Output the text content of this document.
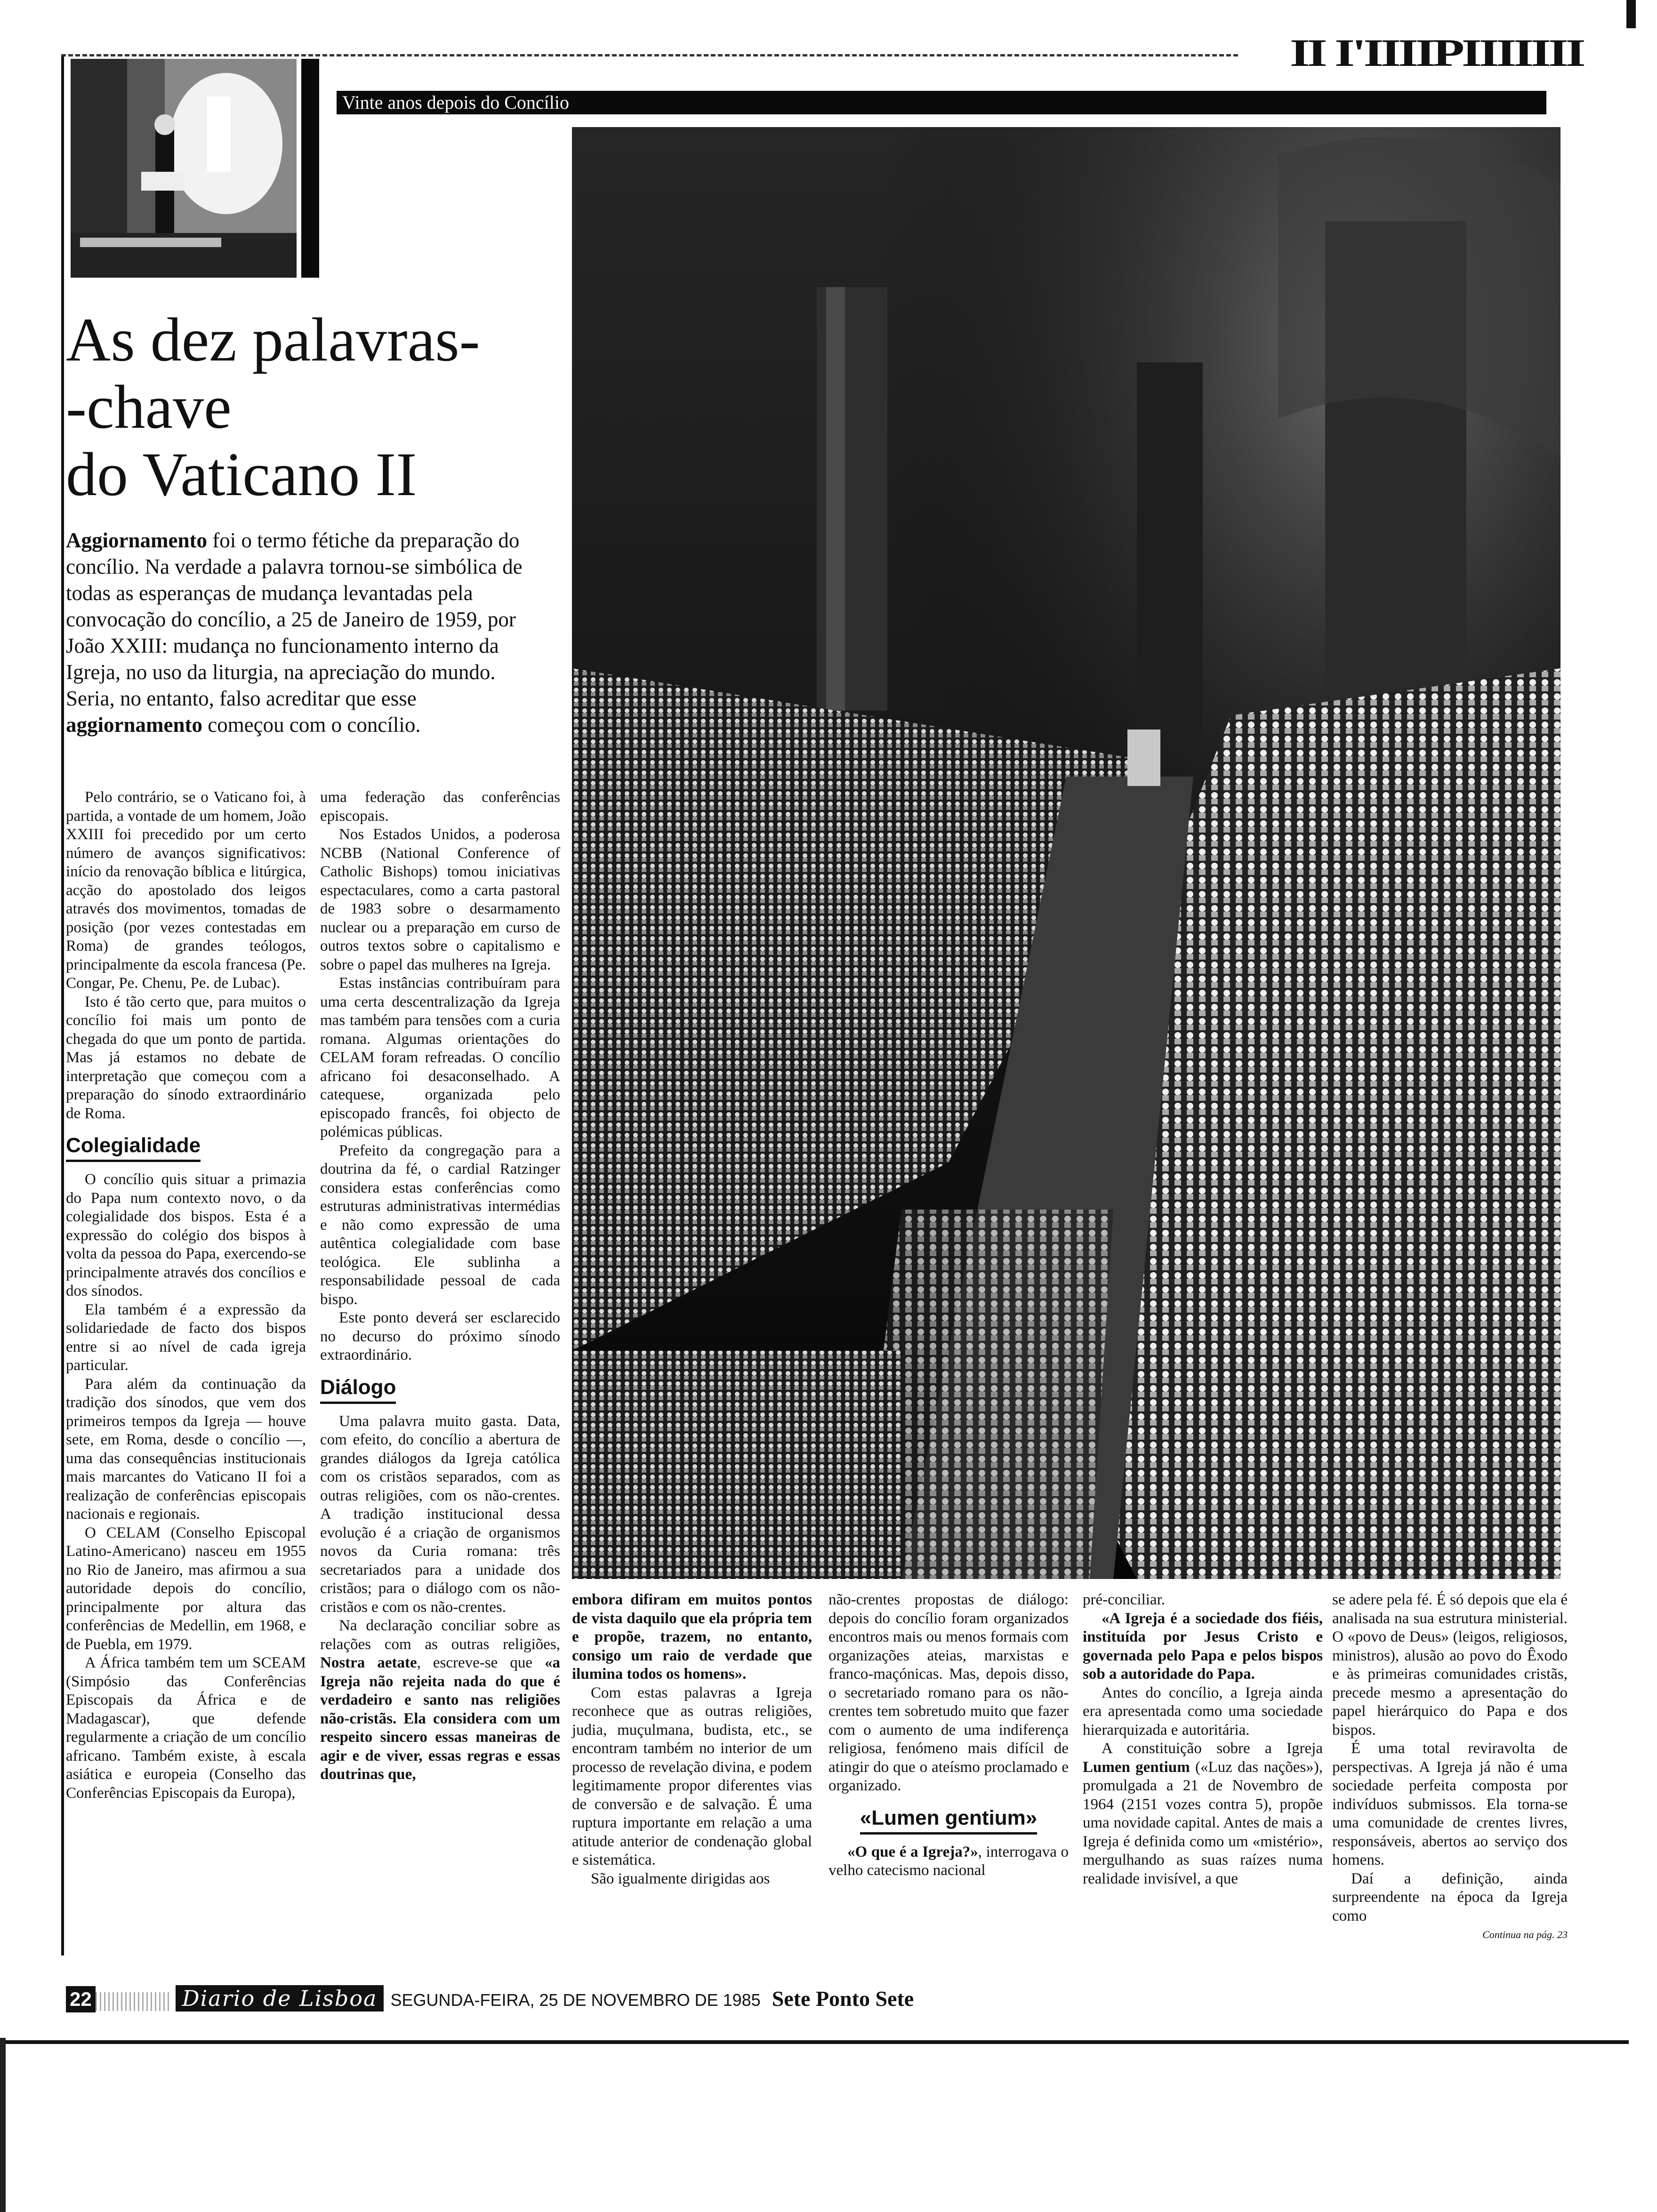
II I'IIIIPIIIIIII
Vinte anos depois do Concílio
As dez palavras-
-chave
do Vaticano II

Aggiornamento foi o termo fétiche da preparação do concílio. Na verdade a palavra tornou-se simbólica de todas as esperanças de mudança levantadas pela convocação do concílio, a 25 de Janeiro de 1959, por João XXIII: mudança no funcionamento interno da Igreja, no uso da liturgia, na apreciação do mundo.
Seria, no entanto, falso acreditar que esse aggiornamento começou com o concílio.

Pelo contrário, se o Vaticano foi, à partida, a vontade de um homem, João XXIII foi precedido por um certo número de avanços significativos: início da renovação bíblica e litúrgica, acção do apostolado dos leigos através dos movimentos, tomadas de posição (por vezes contestadas em Roma) de grandes teólogos, principalmente da escola francesa (Pe. Congar, Pe. Chenu, Pe. de Lubac).

Isto é tão certo que, para muitos o concílio foi mais um ponto de chegada do que um ponto de partida. Mas já estamos no debate de interpretação que começou com a preparação do sínodo extraordinário de Roma.

Colegialidade

O concílio quis situar a primazia do Papa num contexto novo, o da colegialidade dos bispos. Esta é a expressão do colégio dos bispos à volta da pessoa do Papa, exercendo-se principalmente através dos concílios e dos sínodos.

Ela também é a expressão da solidariedade de facto dos bispos entre si ao nível de cada igreja particular.

Para além da continuação da tradição dos sínodos, que vem dos primeiros tempos da Igreja — houve sete, em Roma, desde o concílio —, uma das consequências institucionais mais marcantes do Vaticano II foi a realização de conferências episcopais nacionais e regionais.

O CELAM (Conselho Episcopal Latino-Americano) nasceu em 1955 no Rio de Janeiro, mas afirmou a sua autoridade depois do concílio, principalmente por altura das conferências de Medellin, em 1968, e de Puebla, em 1979.

A África também tem um SCEAM (Simpósio das Conferências Episcopais da África e de Madagascar), que defende regularmente a criação de um concílio africano. Também existe, à escala asiática e europeia (Conselho das Conferências Episcopais da Europa),

uma federação das conferências episcopais.

Nos Estados Unidos, a poderosa NCBB (National Conference of Catholic Bishops) tomou iniciativas espectaculares, como a carta pastoral de 1983 sobre o desarmamento nuclear ou a preparação em curso de outros textos sobre o capitalismo e sobre o papel das mulheres na Igreja.

Estas instâncias contribuíram para uma certa descentralização da Igreja mas também para tensões com a curia romana. Algumas orientações do CELAM foram refreadas. O concílio africano foi desaconselhado. A catequese, organizada pelo episcopado francês, foi objecto de polémicas públicas.

Prefeito da congregação para a doutrina da fé, o cardial Ratzinger considera estas conferências como estruturas administrativas intermédias e não como expressão de uma autêntica colegialidade com base teológica. Ele sublinha a responsabilidade pessoal de cada bispo.

Este ponto deverá ser esclarecido no decurso do próximo sínodo extraordinário.

Diálogo

Uma palavra muito gasta. Data, com efeito, do concílio a abertura de grandes diálogos da Igreja católica com os cristãos separados, com as outras religiões, com os não-crentes. A tradição institucional dessa evolução é a criação de organismos novos da Curia romana: três secretariados para a unidade dos cristãos; para o diálogo com os não-cristãos e com os não-crentes.

Na declaração conciliar sobre as relações com as outras religiões, Nostra aetate, escreve-se que «a Igreja não rejeita nada do que é verdadeiro e santo nas religiões não-cristãs. Ela considera com um respeito sincero essas maneiras de agir e de viver, essas regras e essas doutrinas que,

embora difiram em muitos pontos de vista daquilo que ela própria tem e propõe, trazem, no entanto, consigo um raio de verdade que ilumina todos os homens».

Com estas palavras a Igreja reconhece que as outras religiões, judia, muçulmana, budista, etc., se encontram também no interior de um processo de revelação divina, e podem legitimamente propor diferentes vias de conversão e de salvação. É uma ruptura importante em relação a uma atitude anterior de condenação global e sistemática.

São igualmente dirigidas aos

não-crentes propostas de diálogo: depois do concílio foram organizados encontros mais ou menos formais com organizações ateias, marxistas e franco-maçónicas. Mas, depois disso, o secretariado romano para os não-crentes tem sobretudo muito que fazer com o aumento de uma indiferença religiosa, fenómeno mais difícil de atingir do que o ateísmo proclamado e organizado.

«Lumen gentium»

«O que é a Igreja?», interrogava o velho catecismo nacional

pré-conciliar.

«A Igreja é a sociedade dos fiéis, instituída por Jesus Cristo e governada pelo Papa e pelos bispos sob a autoridade do Papa.

Antes do concílio, a Igreja ainda era apresentada como uma sociedade hierarquizada e autoritária.

A constituição sobre a Igreja Lumen gentium («Luz das nações»), promulgada a 21 de Novembro de 1964 (2151 vozes contra 5), propõe uma novidade capital. Antes de mais a Igreja é definida como um «mistério», mergulhando as suas raízes numa realidade invisível, a que

se adere pela fé. É só depois que ela é analisada na sua estrutura ministerial. O «povo de Deus» (leigos, religiosos, ministros), alusão ao povo do Êxodo e às primeiras comunidades cristãs, precede mesmo a apresentação do papel hierárquico do Papa e dos bispos.

É uma total reviravolta de perspectivas. A Igreja já não é uma sociedade perfeita composta por indivíduos submissos. Ela torna-se uma comunidade de crentes livres, responsáveis, abertos ao serviço dos homens.

Daí a definição, ainda surpreendente na época da Igreja como

Continua na pág. 23

22	Diario de Lisboa SEGUNDA-FEIRA, 25 DE NOVEMBRO DE 1985 Sete Ponto Sete
